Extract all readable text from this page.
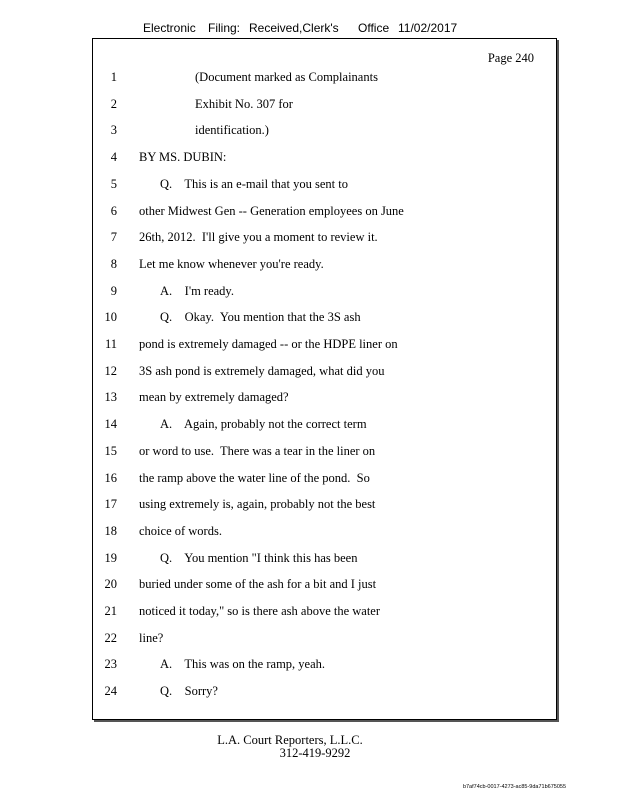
Electronic Filing: Received,Clerk's Office 11/02/2017
Page 240
1	(Document marked as Complainants
2	Exhibit No. 307 for
3	identification.)
4 BY MS. DUBIN:
5	Q.    This is an e-mail that you sent to
6 other Midwest Gen -- Generation employees on June
7 26th, 2012.  I'll give you a moment to review it.
8 Let me know whenever you're ready.
9	A.    I'm ready.
10	Q.    Okay.  You mention that the 3S ash
11 pond is extremely damaged -- or the HDPE liner on
12 3S ash pond is extremely damaged, what did you
13 mean by extremely damaged?
14	A.    Again, probably not the correct term
15 or word to use.  There was a tear in the liner on
16 the ramp above the water line of the pond.  So
17 using extremely is, again, probably not the best
18 choice of words.
19	Q.    You mention "I think this has been
20 buried under some of the ash for a bit and I just
21 noticed it today," so is there ash above the water
22 line?
23	A.    This was on the ramp, yeah.
24	Q.    Sorry?
L.A. Court Reporters, L.L.C.
312-419-9292
b7af74cb-0017-4273-ac85-9da71b675055
